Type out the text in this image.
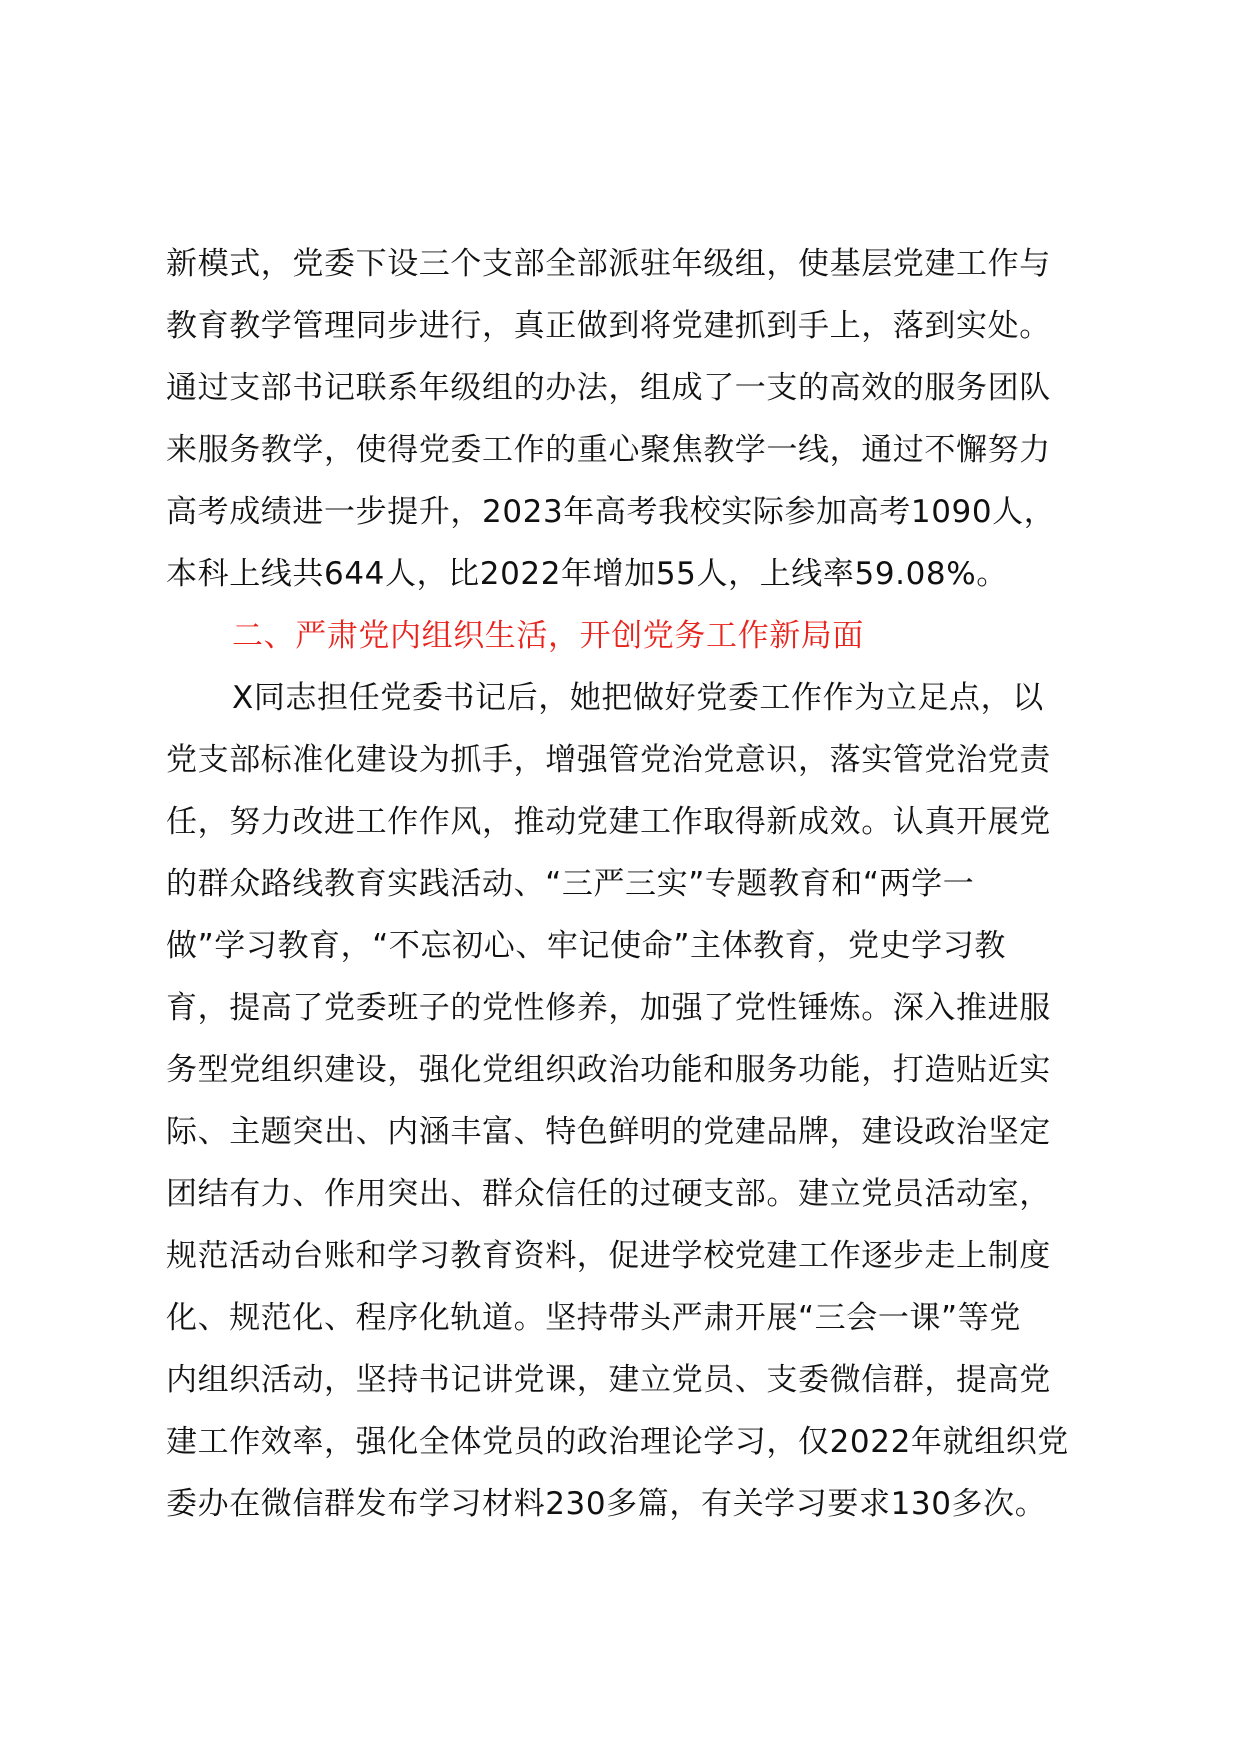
新模式，党委下设三个支部全部派驻年级组，使基层党建工作与
教育教学管理同步进行，真正做到将党建抓到手上，落到实处。
通过支部书记联系年级组的办法，组成了一支的高效的服务团队
来服务教学，使得党委工作的重心聚焦教学一线，通过不懈努力
高考成绩进一步提升，2023年高考我校实际参加高考1090人，
本科上线共644人，比2022年增加55人，上线率59.08%。
二、严肃党内组织生活，开创党务工作新局面
X同志担任党委书记后，她把做好党委工作作为立足点，以
党支部标准化建设为抓手，增强管党治党意识，落实管党治党责
任，努力改进工作作风，推动党建工作取得新成效。认真开展党
的群众路线教育实践活动、“三严三实”专题教育和“两学一
做”学习教育，“不忘初心、牢记使命”主体教育，党史学习教
育，提高了党委班子的党性修养，加强了党性锤炼。深入推进服
务型党组织建设，强化党组织政治功能和服务功能，打造贴近实
际、主题突出、内涵丰富、特色鲜明的党建品牌，建设政治坚定
团结有力、作用突出、群众信任的过硬支部。建立党员活动室，
规范活动台账和学习教育资料，促进学校党建工作逐步走上制度
化、规范化、程序化轨道。坚持带头严肃开展“三会一课”等党
内组织活动，坚持书记讲党课，建立党员、支委微信群，提高党
建工作效率，强化全体党员的政治理论学习，仅2022年就组织党
委办在微信群发布学习材料230多篇，有关学习要求130多次。
